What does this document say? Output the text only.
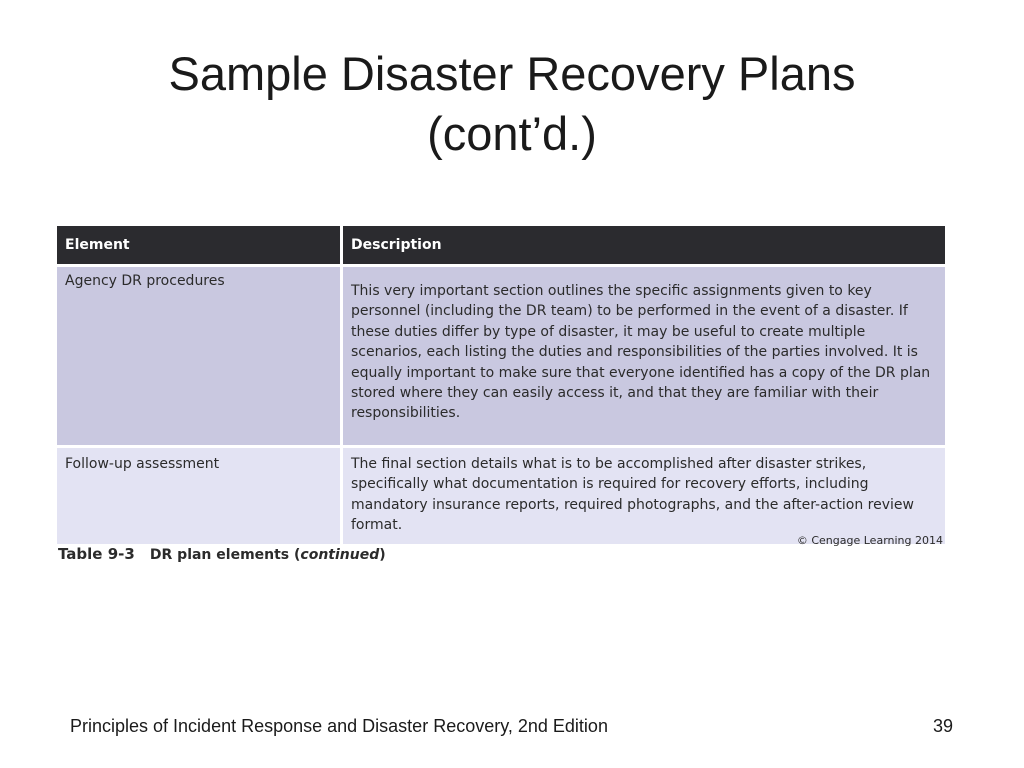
Sample Disaster Recovery Plans
(cont’d.)
Element	Description
Agency DR procedures	This very important section outlines the specific assignments given to key personnel (including the DR team) to be performed in the event of a disaster. If these duties differ by type of disaster, it may be useful to create multiple scenarios, each listing the duties and responsibilities of the parties involved. It is equally important to make sure that everyone identified has a copy of the DR plan stored where they can easily access it, and that they are familiar with their responsibilities.
Follow-up assessment	The final section details what is to be accomplished after disaster strikes, specifically what documentation is required for recovery efforts, including mandatory insurance reports, required photographs, and the after-action review format.
© Cengage Learning 2014
Table 9-3 DR plan elements (continued)
Principles of Incident Response and Disaster Recovery, 2nd Edition	39
